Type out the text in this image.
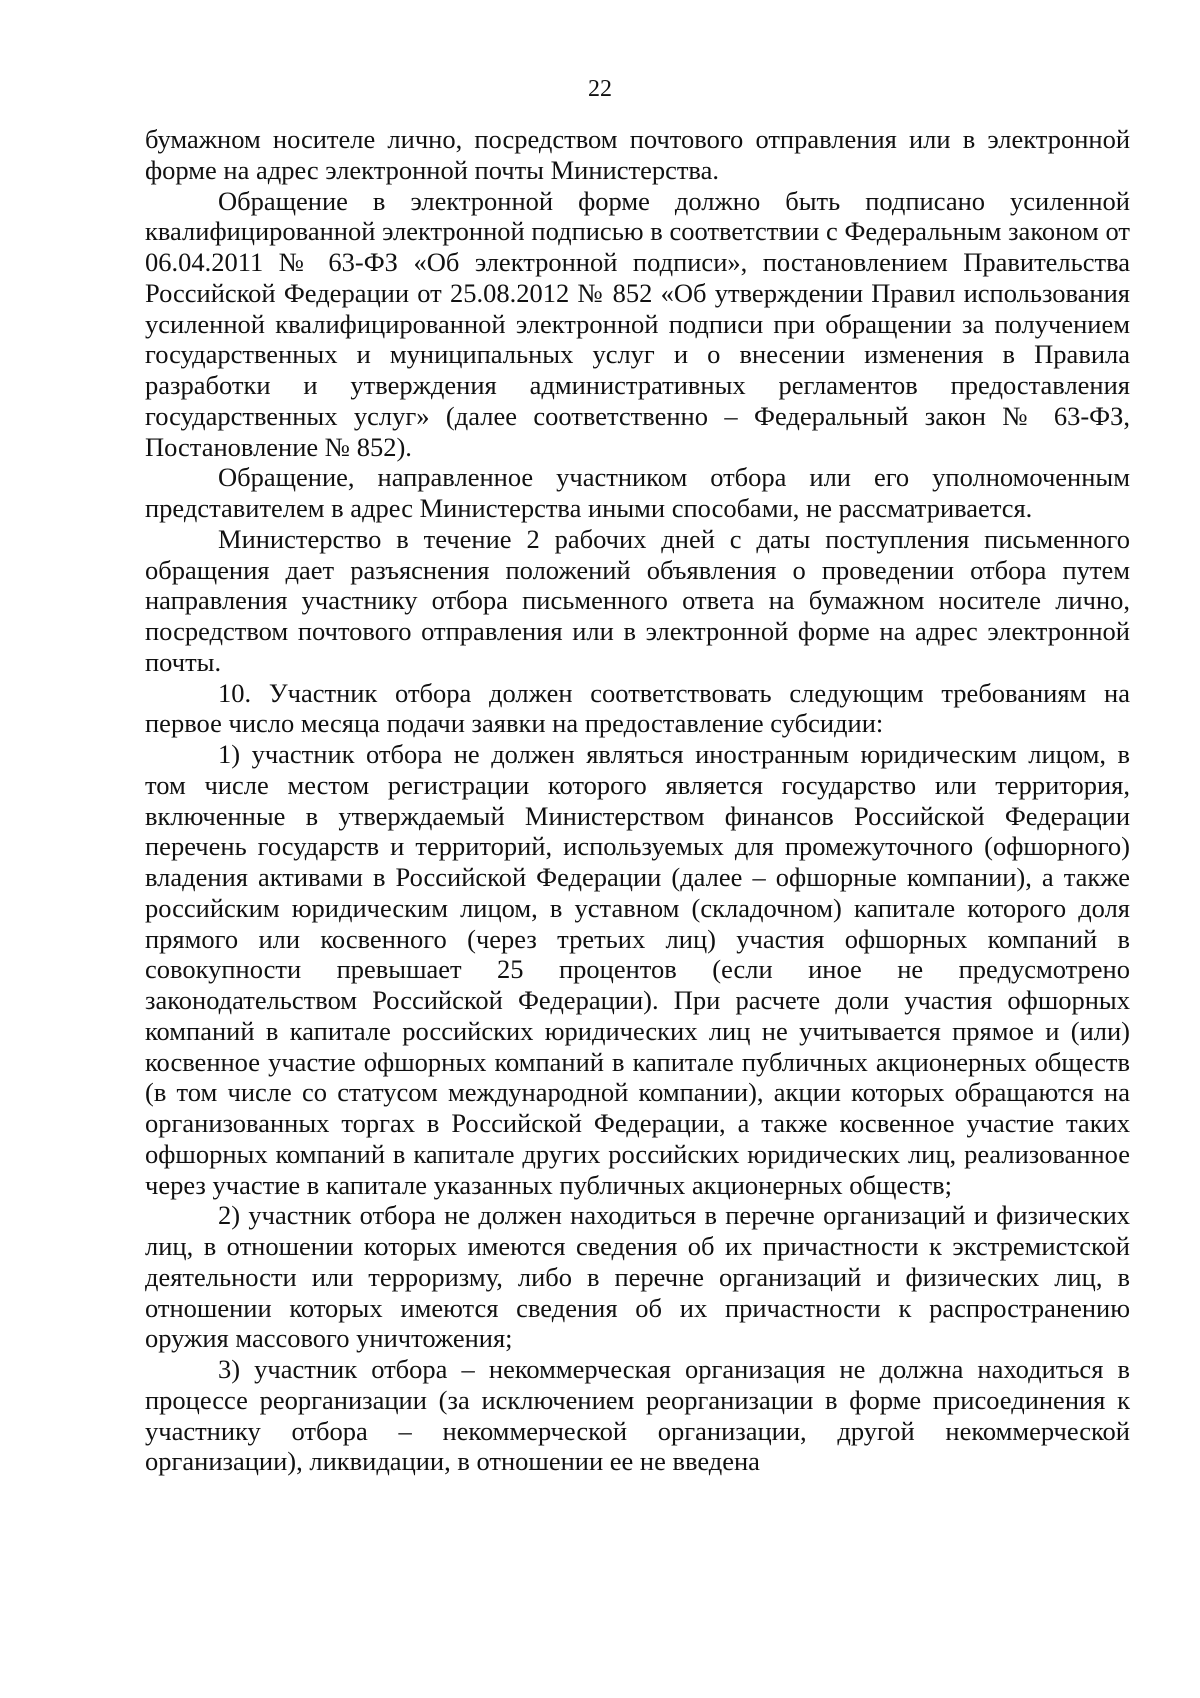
22

бумажном носителе лично, посредством почтового отправления или в электронной форме на адрес электронной почты Министерства.

Обращение в электронной форме должно быть подписано усиленной квалифицированной электронной подписью в соответствии с Федеральным законом от 06.04.2011 № 63-ФЗ «Об электронной подписи», постановлением Правительства Российской Федерации от 25.08.2012 № 852 «Об утверждении Правил использования усиленной квалифицированной электронной подписи при обращении за получением государственных и муниципальных услуг и о внесении изменения в Правила разработки и утверждения административных регламентов предоставления государственных услуг» (далее соответственно – Федеральный закон № 63-ФЗ, Постановление № 852).

Обращение, направленное участником отбора или его уполномоченным представителем в адрес Министерства иными способами, не рассматривается.

Министерство в течение 2 рабочих дней с даты поступления письменного обращения дает разъяснения положений объявления о проведении отбора путем направления участнику отбора письменного ответа на бумажном носителе лично, посредством почтового отправления или в электронной форме на адрес электронной почты.

10. Участник отбора должен соответствовать следующим требованиям на первое число месяца подачи заявки на предоставление субсидии:

1) участник отбора не должен являться иностранным юридическим лицом, в том числе местом регистрации которого является государство или территория, включенные в утверждаемый Министерством финансов Российской Федерации перечень государств и территорий, используемых для промежуточного (офшорного) владения активами в Российской Федерации (далее – офшорные компании), а также российским юридическим лицом, в уставном (складочном) капитале которого доля прямого или косвенного (через третьих лиц) участия офшорных компаний в совокупности превышает 25 процентов (если иное не предусмотрено законодательством Российской Федерации). При расчете доли участия офшорных компаний в капитале российских юридических лиц не учитывается прямое и (или) косвенное участие офшорных компаний в капитале публичных акционерных обществ (в том числе со статусом международной компании), акции которых обращаются на организованных торгах в Российской Федерации, а также косвенное участие таких офшорных компаний в капитале других российских юридических лиц, реализованное через участие в капитале указанных публичных акционерных обществ;

2) участник отбора не должен находиться в перечне организаций и физических лиц, в отношении которых имеются сведения об их причастности к экстремистской деятельности или терроризму, либо в перечне организаций и физических лиц, в отношении которых имеются сведения об их причастности к распространению оружия массового уничтожения;

3) участник отбора – некоммерческая организация не должна находиться в процессе реорганизации (за исключением реорганизации в форме присоединения к участнику отбора – некоммерческой организации, другой некоммерческой организации), ликвидации, в отношении ее не введена
